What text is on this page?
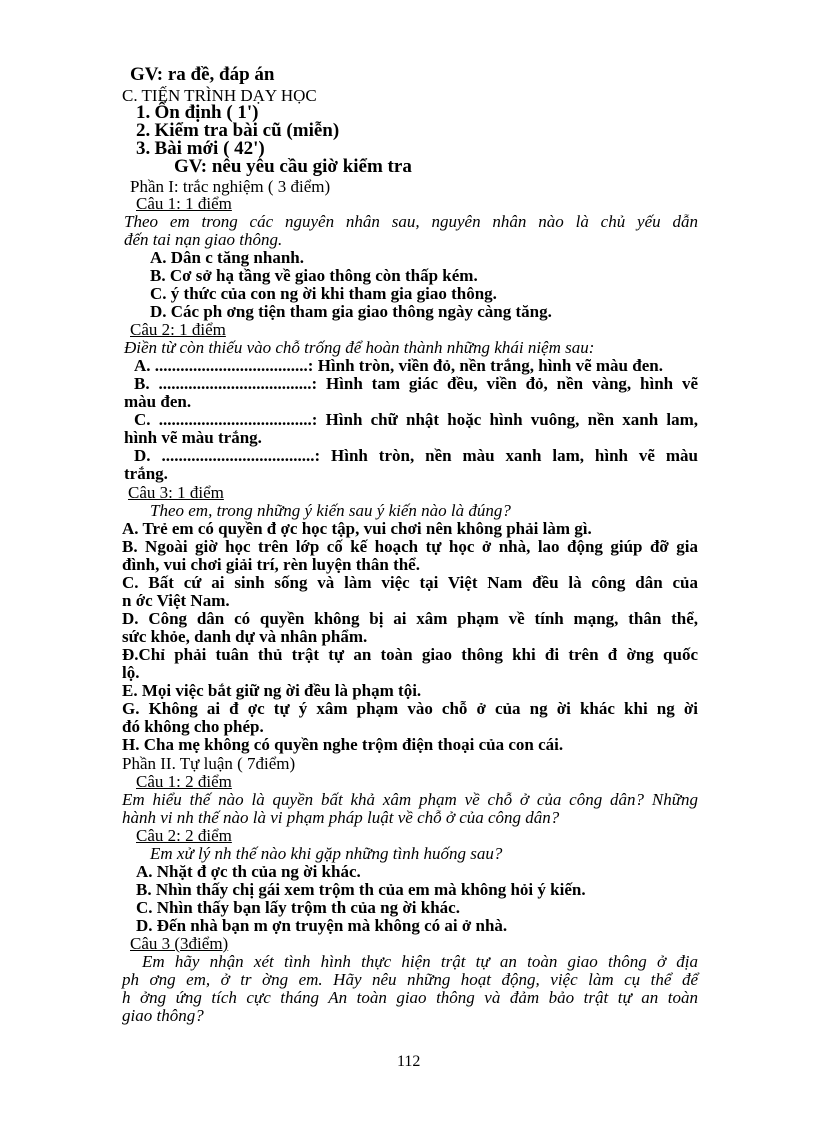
GV: ra đề, đáp án
C. TIẾN TRÌNH DẠY HỌC
1. Ổn định ( 1')
2. Kiểm tra bài cũ (miễn)
3. Bài mới ( 42')
GV: nêu yêu cầu giờ kiểm tra
Phần I: trắc nghiệm ( 3 điểm)
Câu 1: 1 điểm
Theo em trong các nguyên nhân sau, nguyên nhân nào là chủ yếu dẫn
đến tai nạn giao thông.
A. Dân c tăng nhanh.
B. Cơ sở hạ tầng về giao thông còn thấp kém.
C. ý thức của con ng ời khi tham gia giao thông.
D. Các ph ơng tiện tham gia giao thông ngày càng tăng.
Câu 2: 1 điểm
Điền từ còn thiếu vào chỗ trống để hoàn thành những khái niệm sau:
A. ....................................: Hình tròn, viền đỏ, nền trắng, hình vẽ màu đen.
B. ....................................: Hình tam giác đều, viền đỏ, nền vàng, hình vẽ
màu đen.
C. ....................................: Hình chữ nhật hoặc hình vuông, nền xanh lam,
hình vẽ màu trắng.
D. ....................................: Hình tròn, nền màu xanh lam, hình vẽ màu
trắng.
Câu 3: 1 điểm
Theo em, trong những ý kiến sau ý kiến nào là đúng?
A. Trẻ em có quyền đ ợc học tập, vui chơi nên không phải làm gì.
B. Ngoài giờ học trên lớp cố kế hoạch tự học ở nhà, lao động giúp đỡ gia
đình, vui chơi giải trí, rèn luyện thân thể.
C. Bất cứ ai sinh sống và làm việc tại Việt Nam đều là công dân của
n ớc Việt Nam.
D. Công dân có quyền không bị ai xâm phạm về tính mạng, thân thể,
sức khỏe, danh dự và nhân phẩm.
Đ.Chỉ phải tuân thủ trật tự an toàn giao thông khi đi trên đ ờng quốc
lộ.
E. Mọi việc bắt giữ ng ời đều là phạm tội.
G. Không ai đ ợc tự ý xâm phạm vào chỗ ở của ng ời khác khi ng ời
đó không cho phép.
H. Cha mẹ không có quyền nghe trộm điện thoại của con cái.
Phần II. Tự luận ( 7điểm)
Câu 1: 2 điểm
Em hiểu thế nào là quyền bất khả xâm phạm về chỗ ở của công dân? Những
hành vi nh thế nào là vi phạm pháp luật về chỗ ở của công dân?
Câu 2: 2 điểm
Em xử lý nh thế nào khi gặp những tình huống sau?
A. Nhặt đ ợc th của ng ời khác.
B. Nhìn thấy chị gái xem trộm th của em mà không hỏi ý kiến.
C. Nhìn thấy bạn lấy trộm th của ng ời khác.
D. Đến nhà bạn m ợn truyện mà không có ai ở nhà.
Câu 3 (3điểm)
Em hãy nhận xét tình hình thực hiện trật tự an toàn giao thông ở địa
ph ơng em, ở tr ờng em. Hãy nêu những hoạt động, việc làm cụ thể để
h ởng ứng tích cực tháng An toàn giao thông và đảm bảo trật tự an toàn
giao thông?
112
